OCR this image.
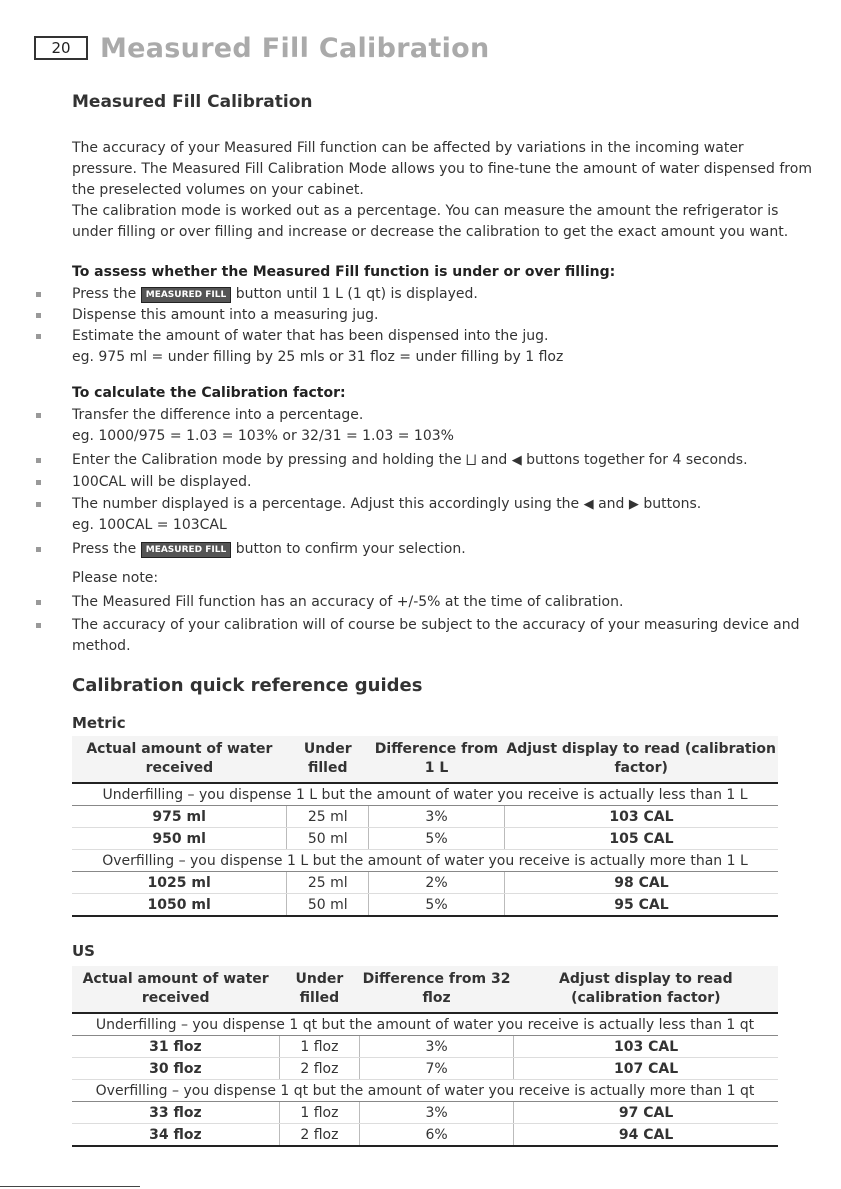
20	Measured Fill Calibration
Measured Fill Calibration
The accuracy of your Measured Fill function can be affected by variations in the incoming water pressure. The Measured Fill Calibration Mode allows you to fine-tune the amount of water dispensed from the preselected volumes on your cabinet.
The calibration mode is worked out as a percentage. You can measure the amount the refrigerator is under filling or over filling and increase or decrease the calibration to get the exact amount you want.
To assess whether the Measured Fill function is under or over filling:
Press the MEASURED FILL button until 1 L (1 qt) is displayed.
Dispense this amount into a measuring jug.
Estimate the amount of water that has been dispensed into the jug.
eg. 975 ml = under filling by 25 mls or 31 floz = under filling by 1 floz
To calculate the Calibration factor:
Transfer the difference into a percentage.
eg. 1000/975 = 1.03 = 103% or 32/31 = 1.03 = 103%
Enter the Calibration mode by pressing and holding the ⨆ and ◀ buttons together for 4 seconds.
100CAL will be displayed.
The number displayed is a percentage. Adjust this accordingly using the ◀ and ▶ buttons.
eg. 100CAL = 103CAL
Press the MEASURED FILL button to confirm your selection.
Please note:
The Measured Fill function has an accuracy of +/-5% at the time of calibration.
The accuracy of your calibration will of course be subject to the accuracy of your measuring device and method.
Calibration quick reference guides
Metric
Actual amount of water received	Under filled	Difference from 1 L	Adjust display to read (calibration factor)
Underfilling – you dispense 1 L but the amount of water you receive is actually less than 1 L			
975 ml	25 ml	3%	103 CAL
950 ml	50 ml	5%	105 CAL
Overfilling – you dispense 1 L but the amount of water you receive is actually more than 1 L			
1025 ml	25 ml	2%	98 CAL
1050 ml	50 ml	5%	95 CAL
US
Actual amount of water received	Under filled	Difference from 32 floz	Adjust display to read (calibration factor)
Underfilling – you dispense 1 qt but the amount of water you receive is actually less than 1 qt			
31 floz	1 floz	3%	103 CAL
30 floz	2 floz	7%	107 CAL
Overfilling – you dispense 1 qt but the amount of water you receive is actually more than 1 qt			
33 floz	1 floz	3%	97 CAL
34 floz	2 floz	6%	94 CAL
